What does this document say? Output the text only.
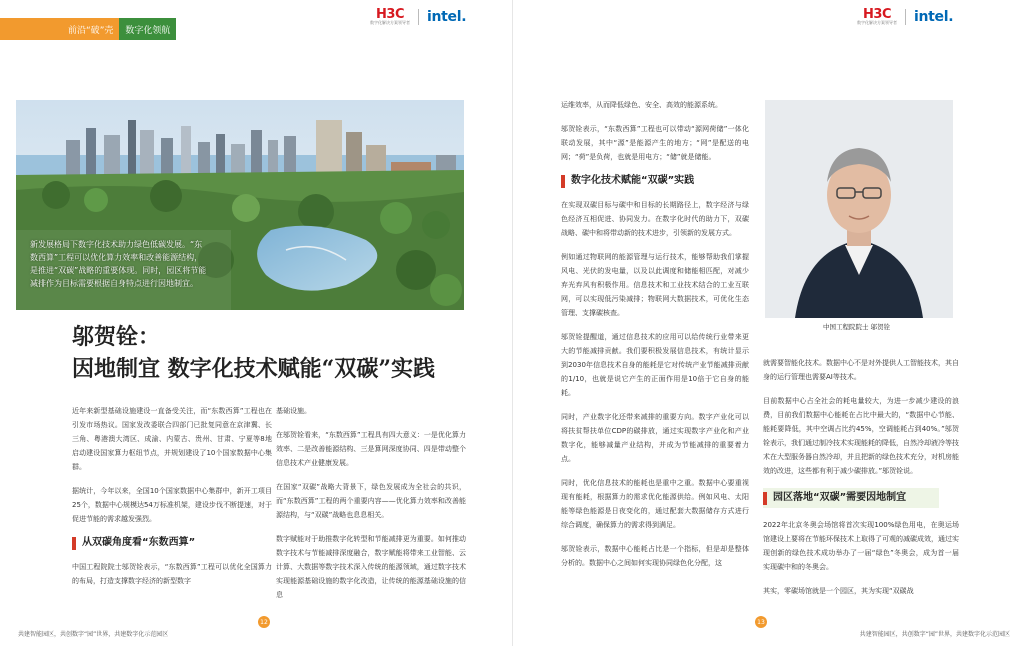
前沿“ 破 ”壳	数字化领航
H3C
数字化解决方案领导者 intel.
新发展格局下数字化技术助力绿色低碳发展。“东数西算”工程可以优化算力效率和改善能源结构，是推进“双碳”战略的重要体现。同时，园区将节能减排作为目标需要根据自身特点进行因地制宜。
邬贺铨：
因地制宜 数字化技术赋能“双碳”实践

近年来新型基础设施建设一直备受关注，而“东数西算”工程也在引发市场热议。国家发改委联合四部门已批复同意在京津冀、长三角、粤港澳大湾区、成渝、内蒙古、贵州、甘肃、宁夏等8地启动建设国家算力枢纽节点，并规划建设了10个国家数据中心集群。

据统计，今年以来，全国10个国家数据中心集群中，新开工项目25个，数据中心规模达54万标准机架，建设步伐不断提速，对于促进节能的需求越发强烈。

从双碳角度看“东数西算”

中国工程院院士邬贺铨表示，“东数西算”工程可以优化全国算力的布局，打造支撑数字经济的新型数字

基础设施。

在邬贺铨看来，“东数西算”工程具有四大意义：一是优化算力效率、二是改善能源结构、三是算网深度协同、四是带动整个信息技术产业健康发展。

在国家“双碳”战略大背景下，绿色发展成为全社会的共识，而“东数西算”工程的两个重要内容——优化算力效率和改善能源结构，与“双碳”战略也息息相关。

数字赋能对于助推数字化转型和节能减排更为重要。如何推动数字技术与节能减排深度融合，数字赋能将带来工业智能、云计算、大数据等数字技术深入传统的能源领域，通过数字技术实现能源基础设施的数字化改造，让传统的能源基础设施的信息

共建智能园区，共创数字“园”世界，共建数字化示范园区
12
H3C
数字化解决方案领导者 intel.

运维效率，从而降低绿色、安全、高效的能源系统。

邬贺铨表示，“东数西算”工程也可以带动“源网荷储”一体化联动发展，其中“源”是能源产生的地方；“网”是配送的电网；“荷”是负荷，也就是用电方；“储”就是储能。

数字化技术赋能“双碳”实践

在实现双碳目标与碳中和目标的长期路径上，数字经济与绿色经济互相促进、协同发力。在数字化时代的助力下，双碳战略、碳中和将带动新的技术进步，引领新的发展方式。

例如通过物联网的能源管理与运行技术，能够帮助我们掌握风电、光伏的发电量，以及以此调度和储能相匹配，对减少弃光弃风有积极作用。信息技术和工业技术结合的工业互联网，可以实现低污染减排；物联网大数据技术，可优化生态管理、支撑碳核查。

邬贺铨提醒道，通过信息技术的应用可以给传统行业带来更大的节能减排贡献。我们要积极发展信息技术，有统计显示到2030年信息技术自身的能耗是它对传统产业节能减排贡献的1/10，也就是说它产生的正面作用是10倍于它自身的能耗。

同时，产业数字化还带来减排的重要方向。数字产业化可以将扶贫帮扶单位CDP的碳排放，通过实现数字产业化和产业数字化，能够减量产业结构，并成为节能减排的重要着力点。

同时，优化信息技术的能耗也是重中之重。数据中心要重视现有能耗，根据算力的需求优化能源供给。例如风电、太阳能等绿色能源是日夜变化的，通过配套大数据储存方式进行综合调度，确保算力的需求得到满足。

邬贺铨表示，数据中心能耗占比是一个指标，但是却是整体分析的。数据中心之间如何实现协同绿色化分配，这

中国工程院院士 邬贺铨

就需要智能化技术。数据中心不是对外提供人工智能技术，其自身的运行管理也需要AI等技术。

目前数据中心占全社会的耗电量较大，为进一步减少建设的浪费，目前我们数据中心能耗在占比中最大的，“数据中心节能、能耗要降低，其中空调占比约45%，空调能耗占到40%。”邬贺铨表示，我们通过制冷技术实现能耗的降低，自然冷却液冷等技术在大型服务器自然冷却，并且把新的绿色技术充分，对机房能效的改进，这些都有利于减少碳排放。”邬贺铨说。

园区落地“双碳”需要因地制宜

2022年北京冬奥会场馆将首次实现100%绿色用电，在奥运场馆建设上要将在节能环保技术上取得了可观的减碳成效，通过实现创新的绿色技术成功举办了一届“绿色”冬奥会，成为首一届实现碳中和的冬奥会。

其实，零碳场馆就是一个园区，其为实现“双碳战

13
共建智能园区，共创数字“园”世界，共建数字化示范园区
